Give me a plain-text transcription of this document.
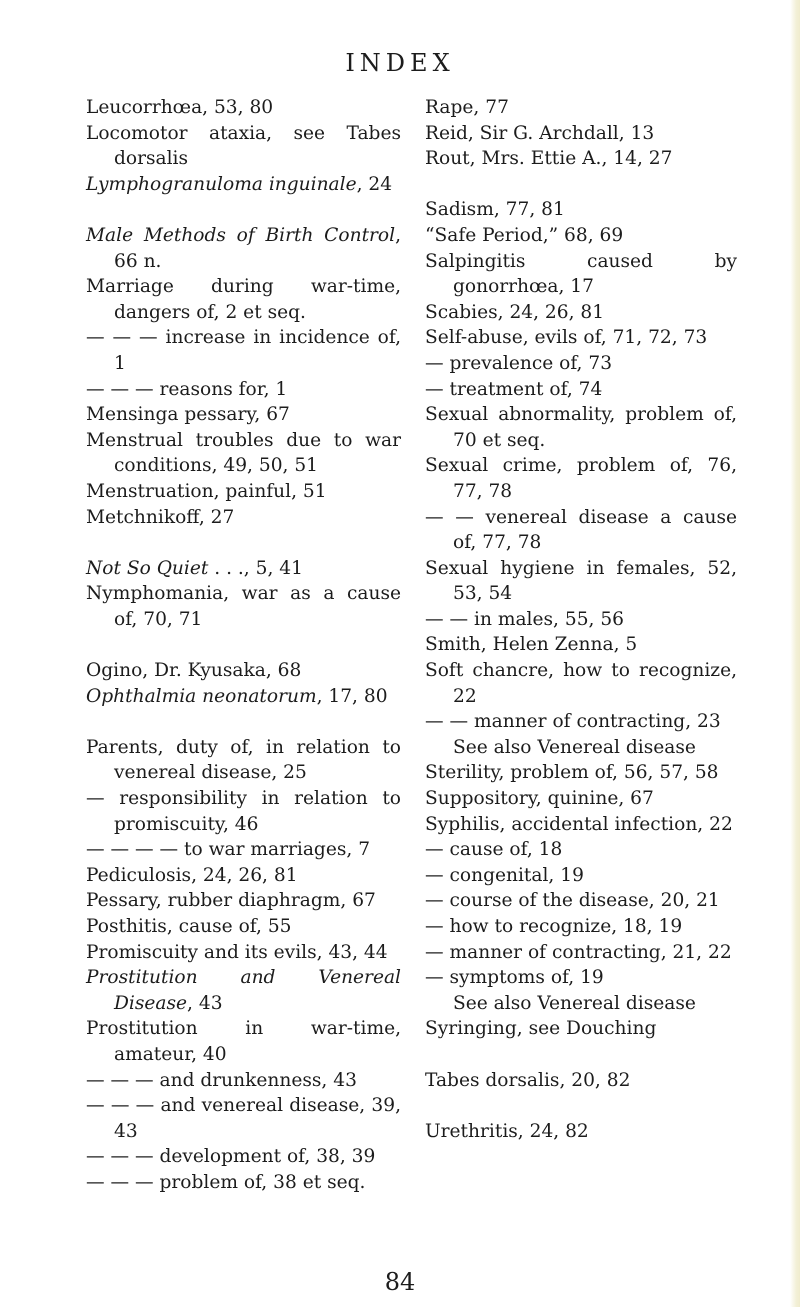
INDEX
Leucorrhœa, 53, 80
Locomotor ataxia, see Tabes dorsalis
Lymphogranuloma inguinale, 24
Male Methods of Birth Control, 66 n.
Marriage during war-time, dangers of, 2 et seq.
— — — increase in incidence of, 1
— — — reasons for, 1
Mensinga pessary, 67
Menstrual troubles due to war conditions, 49, 50, 51
Menstruation, painful, 51
Metchnikoff, 27
Not So Quiet . . ., 5, 41
Nymphomania, war as a cause of, 70, 71
Ogino, Dr. Kyusaka, 68
Ophthalmia neonatorum, 17, 80
Parents, duty of, in relation to venereal disease, 25
— responsibility in relation to promiscuity, 46
— — — — to war marriages, 7
Pediculosis, 24, 26, 81
Pessary, rubber diaphragm, 67
Posthitis, cause of, 55
Promiscuity and its evils, 43, 44
Prostitution and Venereal Disease, 43
Prostitution in war-time, amateur, 40
— — — and drunkenness, 43
— — — and venereal disease, 39, 43
— — — development of, 38, 39
— — — problem of, 38 et seq.
Rape, 77
Reid, Sir G. Archdall, 13
Rout, Mrs. Ettie A., 14, 27
Sadism, 77, 81
“Safe Period,” 68, 69
Salpingitis caused by gonorrhœa, 17
Scabies, 24, 26, 81
Self-abuse, evils of, 71, 72, 73
— prevalence of, 73
— treatment of, 74
Sexual abnormality, problem of, 70 et seq.
Sexual crime, problem of, 76, 77, 78
— — venereal disease a cause of, 77, 78
Sexual hygiene in females, 52, 53, 54
— — in males, 55, 56
Smith, Helen Zenna, 5
Soft chancre, how to recognize, 22
— — manner of contracting, 23
See also Venereal disease
Sterility, problem of, 56, 57, 58
Suppository, quinine, 67
Syphilis, accidental infection, 22
— cause of, 18
— congenital, 19
— course of the disease, 20, 21
— how to recognize, 18, 19
— manner of contracting, 21, 22
— symptoms of, 19
See also Venereal disease
Syringing, see Douching
Tabes dorsalis, 20, 82
Urethritis, 24, 82
84
